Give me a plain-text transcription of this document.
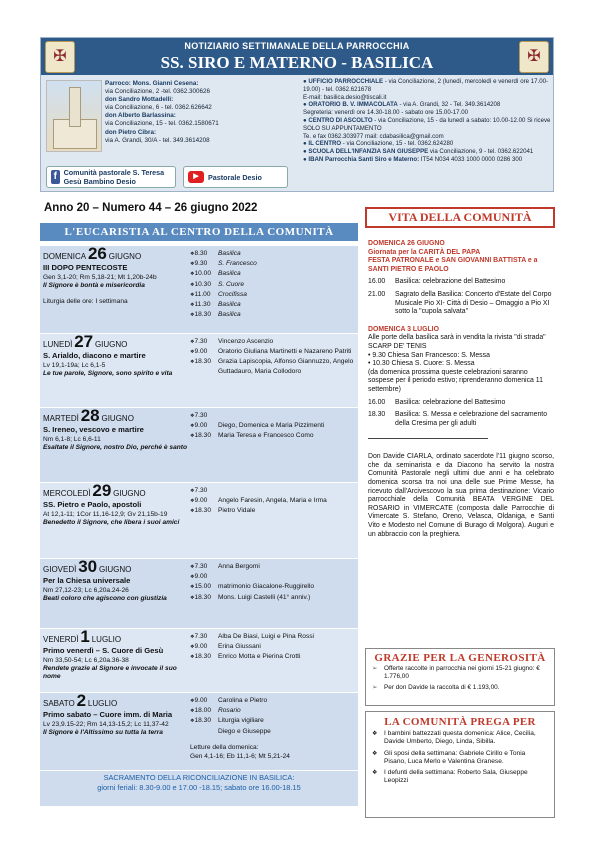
NOTIZIARIO SETTIMANALE DELLA PARROCCHIA
SS. SIRO E MATERNO - BASILICA
✠	✠
Parroco: Mons. Gianni Cesena:
via Conciliazione, 2 -tel. 0362.300626
don Sandro Mottadelli:
via Conciliazione, 6 - tel. 0362.626642
don Alberto Barlassina:
via Conciliazione, 15 - tel. 0362.1580671
don Pietro Cibra:
via A. Grandi, 30/A - tel. 349.3614208
● UFFICIO PARROCCHIALE - via Conciliazione, 2 (lunedì, mercoledì e venerdì ore 17.00-19.00) - tel. 0362.621678
E-mail: basilica.desio@tiscali.it
● ORATORIO B. V. IMMACOLATA - via A. Grandi, 32 - Tel. 349.3614208
Segreteria: venerdì ore 14.30-18.00 - sabato ore 15.00-17.00
● CENTRO DI ASCOLTO - via Conciliazione, 15 - da lunedì a sabato: 10.00-12.00 Si riceve SOLO SU APPUNTAMENTO
Te. e fax 0362.303977 mail: cdabasilica@gmail.com
● IL CENTRO - via Conciliazione, 15 - tel. 0362.624280
● SCUOLA DELL'INFANZIA SAN GIUSEPPE via Conciliazione, 9 - tel. 0362.622041
● IBAN Parrocchia Santi Siro e Materno: IT54 N034 4033 1000 0000 0286 300
f Comunità pastorale S. Teresa Gesù Bambino Desio
▶	Pastorale Desio
Anno 20 – Numero 44 – 26 giugno 2022
L'EUCARISTIA AL CENTRO DELLA COMUNITÀ
DOMENICA 26 GIUGNO
III DOPO PENTECOSTE
Gen 3,1-20; Rm 5,18-21; Mt 1,20b-24b
Il Signore è bontà e misericordia
Liturgia delle ore: I settimana
❖ 8.30	Basilica
❖ 9.30	S. Francesco
❖ 10.00	Basilica
❖ 10.30	S. Cuore
❖ 11.00	Crocifissa
❖ 11.30	Basilica
❖ 18.30	Basilica
LUNEDÌ 27 GIUGNO
S. Arialdo, diacono e martire
Lv 19,1-19a; Lc 6,1-5
Le tue parole, Signore, sono spirito e vita
❖ 7.30	Vincenzo Ascenzio
❖ 9.00	Oratorio Giuliana Martinetti e Nazareno Patriti
❖ 18.30	Grazia Lapiscopia, Alfonso Giannuzzo, Angelo Guttadauro, Maria Collodoro
MARTEDÌ 28 GIUGNO
S. Ireneo, vescovo e martire
Nm 6,1-8; Lc 6,6-11
Esaltate il Signore, nostro Dio, perché è santo
❖ 7.30
❖ 9.00	Diego, Domenica e Maria Pizzimenti
❖ 18.30	Maria Teresa e Francesco Como
MERCOLEDÌ 29 GIUGNO
SS. Pietro e Paolo, apostoli
At 12,1-11; 1Cor 11,16-12,9; Gv 21,15b-19
Benedetto il Signore, che libera i suoi amici
❖ 7.30
❖ 9.00	Angelo Faresin, Angela, Maria e Irma
❖ 18.30	Pietro Vidale
GIOVEDÌ 30 GIUGNO
Per la Chiesa universale
Nm 27,12-23; Lc 6,20a.24-26
Beati coloro che agiscono con giustizia
❖ 7.30	Anna Bergomi
❖ 9.00
❖ 15.00	matrimonio Giacalone-Ruggirello
❖ 18.30	Mons. Luigi Castelli (41° anniv.)
VENERDÌ 1 LUGLIO
Primo venerdì – S. Cuore di Gesù
Nm 33,50-54; Lc 6,20a.36-38
Rendete grazie al Signore e invocate il suo nome
❖ 7.30	Alba De Biasi, Luigi e Pina Rossi
❖ 9.00	Erina Giussani
❖ 18.30	Enrico Motta e Pierina Crotti
SABATO 2 LUGLIO
Primo sabato – Cuore imm. di Maria
Lv 23,9.15-22; Rm 14,13-15,2; Lc 11,37-42
Il Signore è l'Altissimo su tutta la terra
❖ 9.00	Carolina e Pietro
❖ 18.00	Rosario
❖ 18.30	Liturgia vigiliare
Diego e Giuseppe
Letture della domenica:
Gen 4,1-16; Eb 11,1-6; Mt 5,21-24
SACRAMENTO DELLA RICONCILIAZIONE IN BASILICA:
giorni feriali: 8.30-9.00 e 17.00 -18.15; sabato ore 16.00-18.15
VITA DELLA COMUNITÀ
DOMENICA 26 GIUGNO
Giornata per la CARITÀ DEL PAPA
FESTA PATRONALE e SAN GIOVANNI BATTISTA e a SANTI PIETRO E PAOLO
16.00	Basilica: celebrazione del Battesimo
21.00	Sagrato della Basilica: Concerto d'Estate del Corpo Musicale Pio XI- Città di Desio – Omaggio a Pio XI sotto la "cupola salvata"
DOMENICA 3 LUGLIO
Alle porte della basilica sarà in vendita la rivista "di strada" SCARP DE' TENIS
• 9.30 Chiesa San Francesco: S. Messa
• 10.30 Chiesa S. Cuore: S. Messa
(da domenica prossima queste celebrazioni saranno sospese per il periodo estivo; riprenderanno domenica 11 settembre)
16.00	Basilica: celebrazione del Battesimo
18.30	Basilica: S. Messa e celebrazione del sacramento della Cresima per gli adulti

Don Davide CIARLA, ordinato sacerdote l'11 giugno scorso, che da seminarista e da Diacono ha servito la nostra Comunità Pastorale negli ultimi due anni e ha celebrato domenica scorsa tra noi una delle sue Prime Messe, ha ricevuto dall'Arcivescovo la sua prima destinazione: Vicario parrocchiale della Comunità BEATA VERGINE DEL ROSARIO in VIMERCATE (composta dalle Parrocchie di Vimercate S. Stefano, Oreno, Velasca, Oldaniga, e Santi Vito e Modesto nel Comune di Burago di Molgora). Auguri e un abbraccio con la preghiera.

GRAZIE PER LA GENEROSITÀ
➢	Offerte raccolte in parrocchia nei giorni 15-21 giugno: € 1.776,00
➢	Per don Davide la raccolta di € 1.193,00.
LA COMUNITÀ PREGA PER
❖	I bambini battezzati questa domenica: Alice, Cecilia, Davide Umberto, Diego, Linda, Sibilla.
❖	Gli sposi della settimana: Gabriele Cirillo e Tonia Pisano, Luca Merlo e Valentina Granese.
❖	I defunti della settimana: Roberto Sala, Giuseppe Leopizzi
